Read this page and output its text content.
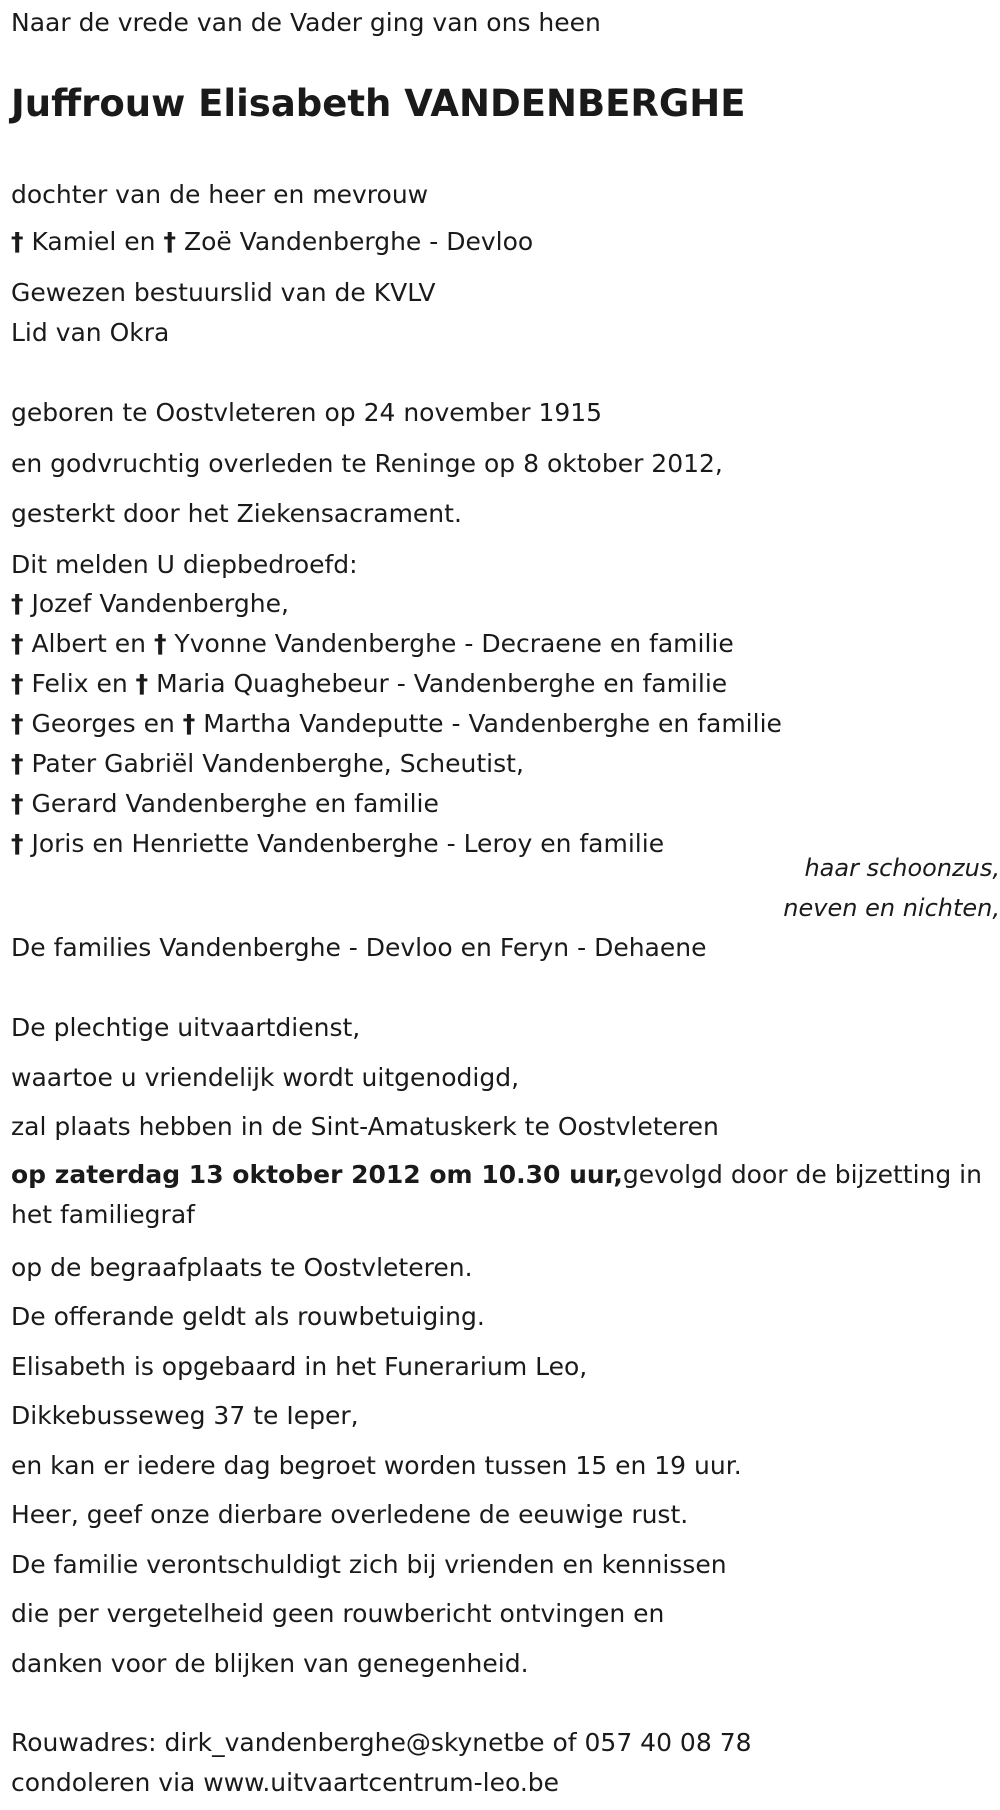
Naar de vrede van de Vader ging van ons heen
Juffrouw Elisabeth VANDENBERGHE
dochter van de heer en mevrouw
† Kamiel en † Zoë Vandenberghe - Devloo
Gewezen bestuurslid van de KVLV
Lid van Okra
geboren te Oostvleteren op 24 november 1915
en godvruchtig overleden te Reninge op 8 oktober 2012,
gesterkt door het Ziekensacrament.
Dit melden U diepbedroefd:
† Jozef Vandenberghe,
† Albert en † Yvonne Vandenberghe - Decraene en familie
† Felix en † Maria Quaghebeur - Vandenberghe en familie
† Georges en † Martha Vandeputte - Vandenberghe en familie
† Pater Gabriël Vandenberghe, Scheutist,
† Gerard Vandenberghe en familie
† Joris en Henriette Vandenberghe - Leroy en familie
haar schoonzus,
neven en nichten,
De families Vandenberghe - Devloo en Feryn - Dehaene
De plechtige uitvaartdienst,
waartoe u vriendelijk wordt uitgenodigd,
zal plaats hebben in de Sint-Amatuskerk te Oostvleteren
op zaterdag 13 oktober 2012 om 10.30 uur,gevolgd door de bijzetting in het familiegraf
op de begraafplaats te Oostvleteren.
De offerande geldt als rouwbetuiging.
Elisabeth is opgebaard in het Funerarium Leo,
Dikkebusseweg 37 te Ieper,
en kan er iedere dag begroet worden tussen 15 en 19 uur.
Heer, geef onze dierbare overledene de eeuwige rust.
De familie verontschuldigt zich bij vrienden en kennissen
die per vergetelheid geen rouwbericht ontvingen en
danken voor de blijken van genegenheid.
Rouwadres: dirk_vandenberghe@skynetbe of 057 40 08 78
condoleren via www.uitvaartcentrum-leo.be
